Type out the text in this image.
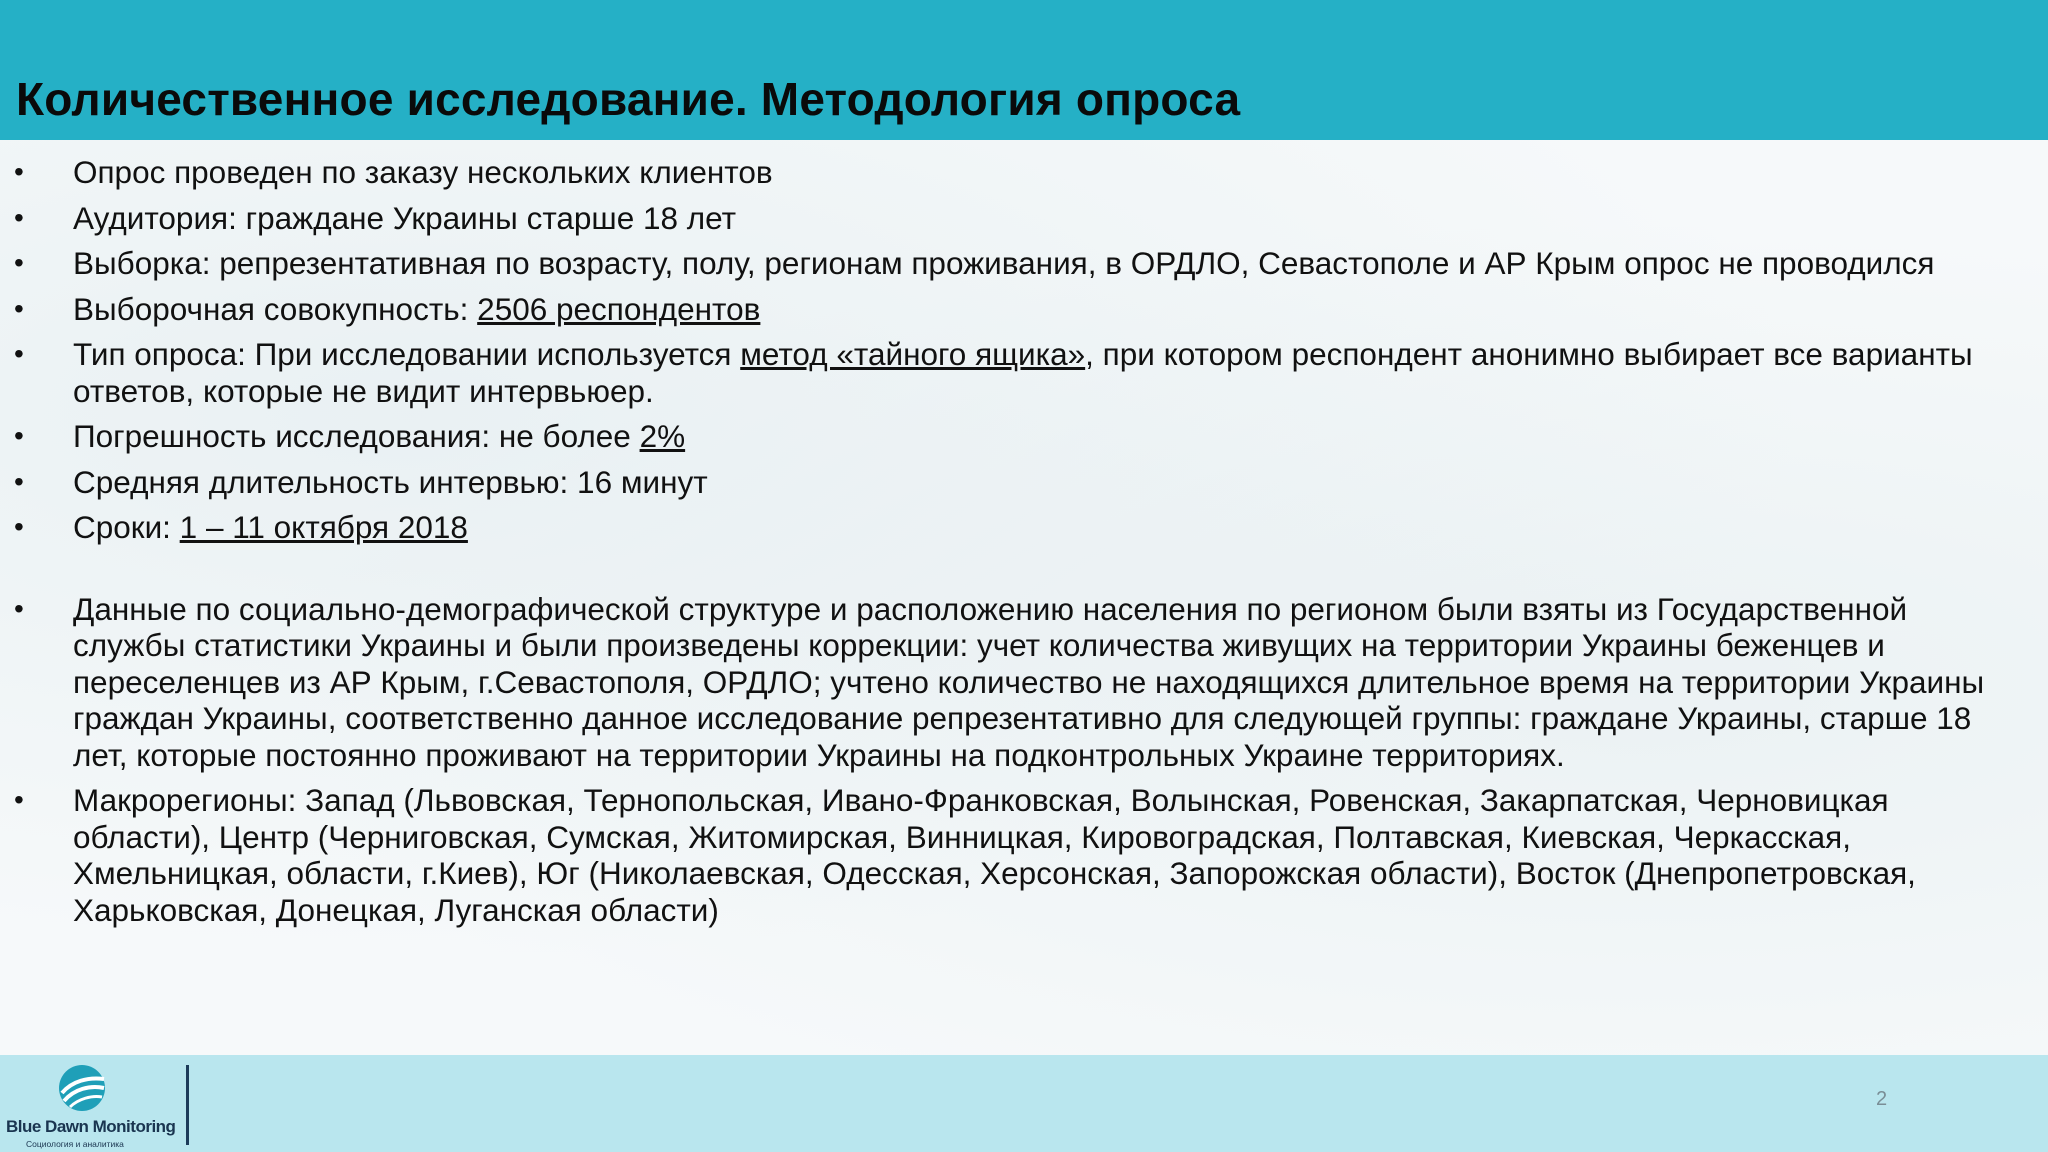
Количественное исследование. Методология опроса
• Опрос проведен по заказу нескольких клиентов
• Аудитория: граждане Украины старше 18 лет
• Выборка: репрезентативная по возрасту, полу, регионам проживания, в ОРДЛО, Севастополе и АР Крым опрос не проводился
• Выборочная совокупность: 2506 респондентов
• Тип опроса: При исследовании используется метод «тайного ящика», при котором респондент анонимно выбирает все варианты ответов, которые не видит интервьюер.
• Погрешность исследования: не более 2%
• Средняя длительность интервью: 16 минут
• Сроки: 1 – 11 октября 2018
• Данные по социально-демографической структуре и расположению населения по регионом были взяты из Государственной службы статистики Украины и были произведены коррекции: учет количества живущих на территории Украины беженцев и переселенцев из АР Крым, г.Севастополя, ОРДЛО; учтено количество не находящихся длительное время на территории Украины граждан Украины, соответственно данное исследование репрезентативно для следующей группы: граждане Украины, старше 18 лет, которые постоянно проживают на территории Украины на подконтрольных Украине территориях.
• Макрорегионы: Запад (Львовская, Тернопольская, Ивано-Франковская, Волынская, Ровенская, Закарпатская, Черновицкая области), Центр (Черниговская, Сумская, Житомирская, Винницкая, Кировоградская, Полтавская, Киевская, Черкасская, Хмельницкая, области, г.Киев), Юг (Николаевская, Одесская, Херсонская, Запорожская области), Восток (Днепропетровская, Харьковская, Донецкая, Луганская области)
Blue Dawn Monitoring
Социология и аналитика
2
